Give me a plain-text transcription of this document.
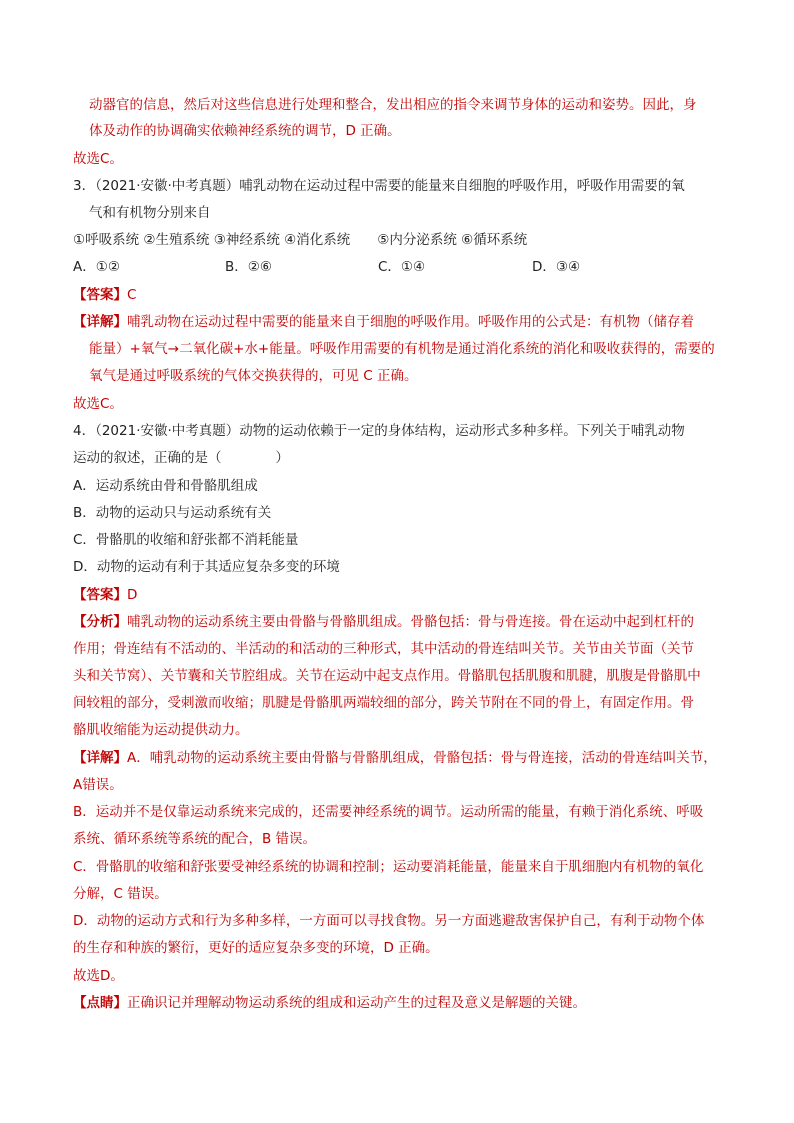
动器官的信息，然后对这些信息进行处理和整合，发出相应的指令来调节身体的运动和姿势。因此，身
体及动作的协调确实依赖神经系统的调节，D 正确。
故选C。
3．（2021·安徽·中考真题）哺乳动物在运动过程中需要的能量来自细胞的呼吸作用，呼吸作用需要的氧
气和有机物分别来自
①呼吸系统 ②生殖系统 ③神经系统 ④消化系统　　⑤内分泌系统 ⑥循环系统
A．①②	B．②⑥	C．①④	D．③④
【答案】C
【详解】哺乳动物在运动过程中需要的能量来自于细胞的呼吸作用。呼吸作用的公式是：有机物（储存着
能量）+氧气→二氧化碳+水+能量。呼吸作用需要的有机物是通过消化系统的消化和吸收获得的，需要的
氧气是通过呼吸系统的气体交换获得的，可见 C 正确。
故选C。
4．（2021·安徽·中考真题）动物的运动依赖于一定的身体结构，运动形式多种多样。下列关于哺乳动物
运动的叙述，正确的是（　　　　）
A．运动系统由骨和骨骼肌组成
B．动物的运动只与运动系统有关
C．骨骼肌的收缩和舒张都不消耗能量
D．动物的运动有利于其适应复杂多变的环境
【答案】D
【分析】哺乳动物的运动系统主要由骨骼与骨骼肌组成。骨骼包括：骨与骨连接。骨在运动中起到杠杆的
作用；骨连结有不活动的、半活动的和活动的三种形式，其中活动的骨连结叫关节。关节由关节面（关节
头和关节窝）、关节囊和关节腔组成。关节在运动中起支点作用。骨骼肌包括肌腹和肌腱，肌腹是骨骼肌中
间较粗的部分，受刺激而收缩；肌腱是骨骼肌两端较细的部分，跨关节附在不同的骨上，有固定作用。骨
骼肌收缩能为运动提供动力。
【详解】A．哺乳动物的运动系统主要由骨骼与骨骼肌组成，骨骼包括：骨与骨连接，活动的骨连结叫关节，
A错误。
B．运动并不是仅靠运动系统来完成的，还需要神经系统的调节。运动所需的能量，有赖于消化系统、呼吸
系统、循环系统等系统的配合，B 错误。
C．骨骼肌的收缩和舒张要受神经系统的协调和控制；运动要消耗能量，能量来自于肌细胞内有机物的氧化
分解，C 错误。
D．动物的运动方式和行为多种多样，一方面可以寻找食物。另一方面逃避敌害保护自己，有利于动物个体
的生存和种族的繁衍，更好的适应复杂多变的环境，D 正确。
故选D。
【点睛】正确识记并理解动物运动系统的组成和运动产生的过程及意义是解题的关键。
